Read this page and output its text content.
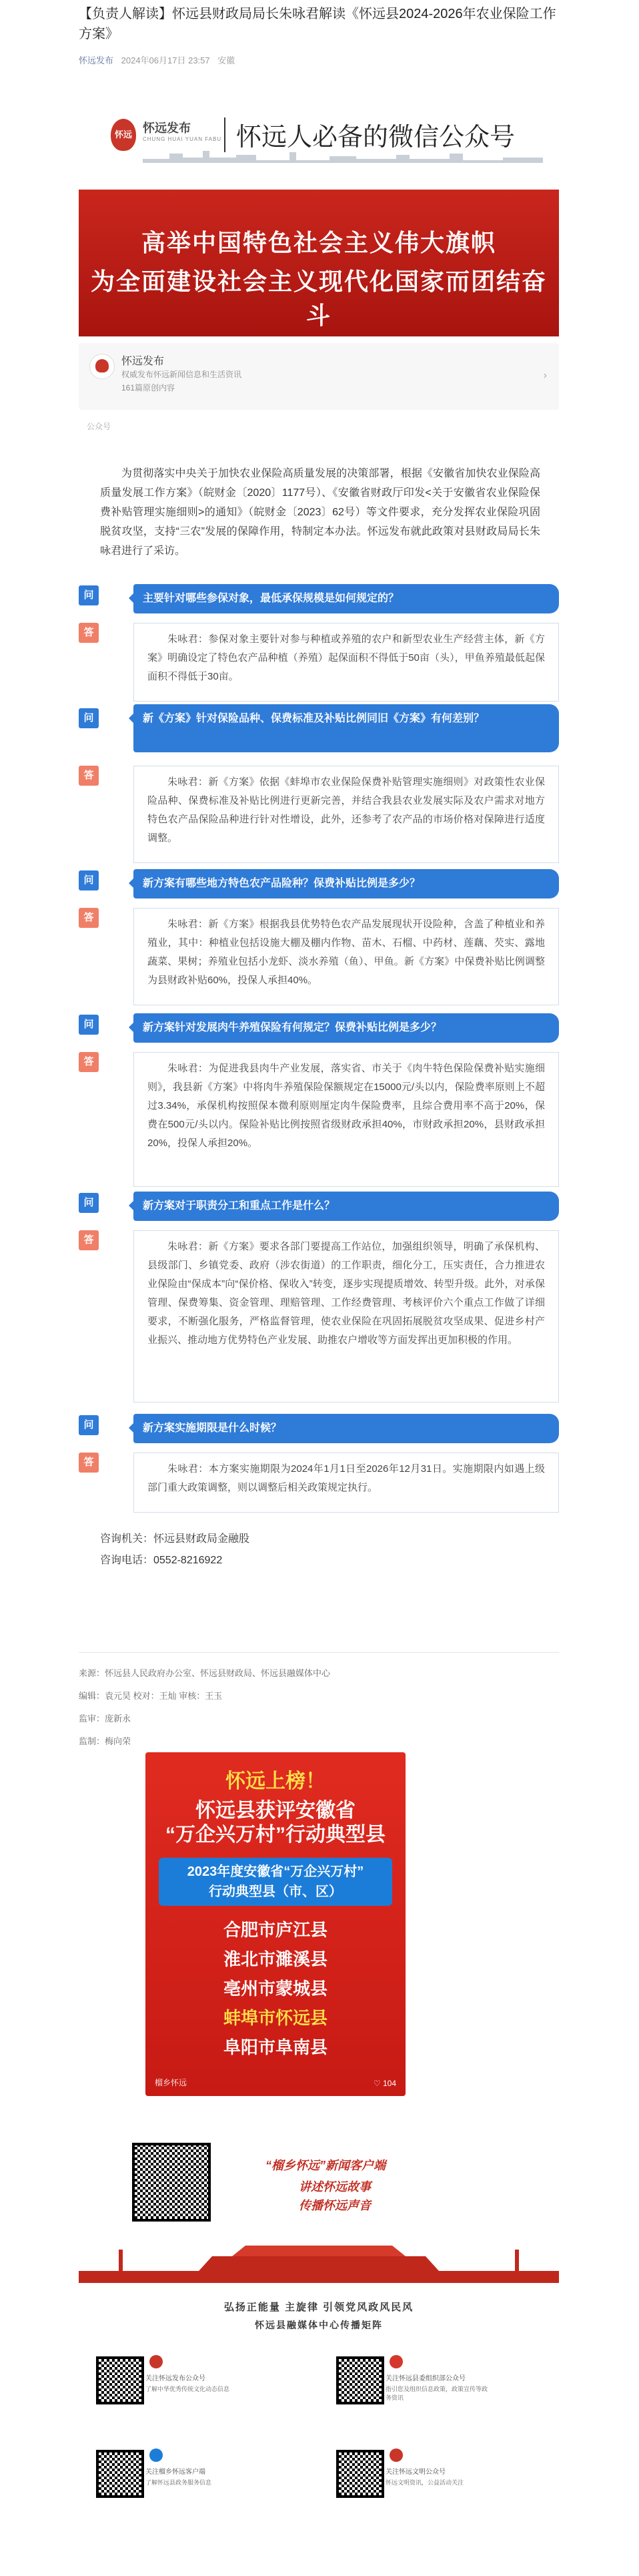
【负责人解读】怀远县财政局局长朱咏君解读《怀远县2024-2026年农业保险工作方案》
怀远发布 2024年06月17日 23:57 安徽
怀远 怀远发布
CHUNG HUAI YUAN FABU 怀远人必备的微信公众号
高举中国特色社会主义伟大旗帜
为全面建设社会主义现代化国家而团结奋斗
怀远发布
权威发布怀远新闻信息和生活资讯
161篇原创内容
›
公众号
为贯彻落实中央关于加快农业保险高质量发展的决策部署，根据《安徽省加快农业保险高质量发展工作方案》（皖财金〔2020〕1177号）、《安徽省财政厅印发<关于安徽省农业保险保费补贴管理实施细则>的通知》（皖财金〔2023〕62号）等文件要求，充分发挥农业保险巩固脱贫攻坚，支持“三农”发展的保障作用，特制定本办法。怀远发布就此政策对县财政局局长朱咏君进行了采访。
问	主要针对哪些参保对象，最低承保规模是如何规定的？
答
朱咏君：参保对象主要针对参与种植或养殖的农户和新型农业生产经营主体，新《方案》明确设定了特色农产品种植（养殖）起保面积不得低于50亩（头），甲鱼养殖最低起保面积不得低于30亩。
问	新《方案》针对保险品种、保费标准及补贴比例同旧《方案》有何差别？
答
朱咏君：新《方案》依据《蚌埠市农业保险保费补贴管理实施细则》对政策性农业保险品种、保费标准及补贴比例进行更新完善，并结合我县农业发展实际及农户需求对地方特色农产品保险品种进行针对性增设，此外，还参考了农产品的市场价格对保障进行适度调整。
问	新方案有哪些地方特色农产品险种？保费补贴比例是多少？
答
朱咏君：新《方案》根据我县优势特色农产品发展现状开设险种，含盖了种植业和养殖业，其中：种植业包括设施大棚及棚内作物、苗木、石榴、中药材、莲藕、芡实、露地蔬菜、果树；养殖业包括小龙虾、淡水养殖（鱼）、甲鱼。新《方案》中保费补贴比例调整为县财政补贴60%，投保人承担40%。
问	新方案针对发展肉牛养殖保险有何规定？保费补贴比例是多少？
答
朱咏君：为促进我县肉牛产业发展，落实省、市关于《肉牛特色保险保费补贴实施细则》，我县新《方案》中将肉牛养殖保险保额规定在15000元/头以内，保险费率原则上不超过3.34%，承保机构按照保本微利原则厘定肉牛保险费率，且综合费用率不高于20%，保费在500元/头以内。保险补贴比例按照省级财政承担40%，市财政承担20%，县财政承担20%，投保人承担20%。
问	新方案对于职责分工和重点工作是什么？
答
朱咏君：新《方案》要求各部门要提高工作站位，加强组织领导，明确了承保机构、县级部门、乡镇党委、政府（涉农街道）的工作职责，细化分工，压实责任，合力推进农业保险由“保成本”向“保价格、保收入”转变，逐步实现提质增效、转型升级。此外，对承保管理、保费筹集、资金管理、理赔管理、工作经费管理、考核评价六个重点工作做了详细要求，不断强化服务，严格监督管理，使农业保险在巩固拓展脱贫攻坚成果、促进乡村产业振兴、推动地方优势特色产业发展、助推农户增收等方面发挥出更加积极的作用。
问	新方案实施期限是什么时候？
答
朱咏君：本方案实施期限为2024年1月1日至2026年12月31日。实施期限内如遇上级部门重大政策调整，则以调整后相关政策规定执行。
咨询机关：怀远县财政局金融股
咨询电话：0552-8216922
来源：怀远县人民政府办公室、怀远县财政局、怀远县融媒体中心
编辑：袁元昊 校对：王灿 审核：王玉
监审：庞新永
监制：梅向荣
怀远上榜！
怀远县获评安徽省
“万企兴万村”行动典型县
2023年度安徽省“万企兴万村”
行动典型县（市、区）
合肥市庐江县
淮北市濉溪县
亳州市蒙城县
蚌埠市怀远县
阜阳市阜南县
榴乡怀远	♡ 104
“榴乡怀远”新闻客户端
讲述怀远故事
传播怀远声音
弘扬正能量 主旋律 引领党风政风民风
怀远县融媒体中心传播矩阵
关注怀远发布公众号
了解中华优秀传统文化动态信息
关注怀远县委组织部公众号
指引您及组织信息政策，政策宣传等政务资讯
关注榴乡怀远客户端
了解怀远县政务服务信息
关注怀远文明公众号
怀远文明资讯，公益活动关注
